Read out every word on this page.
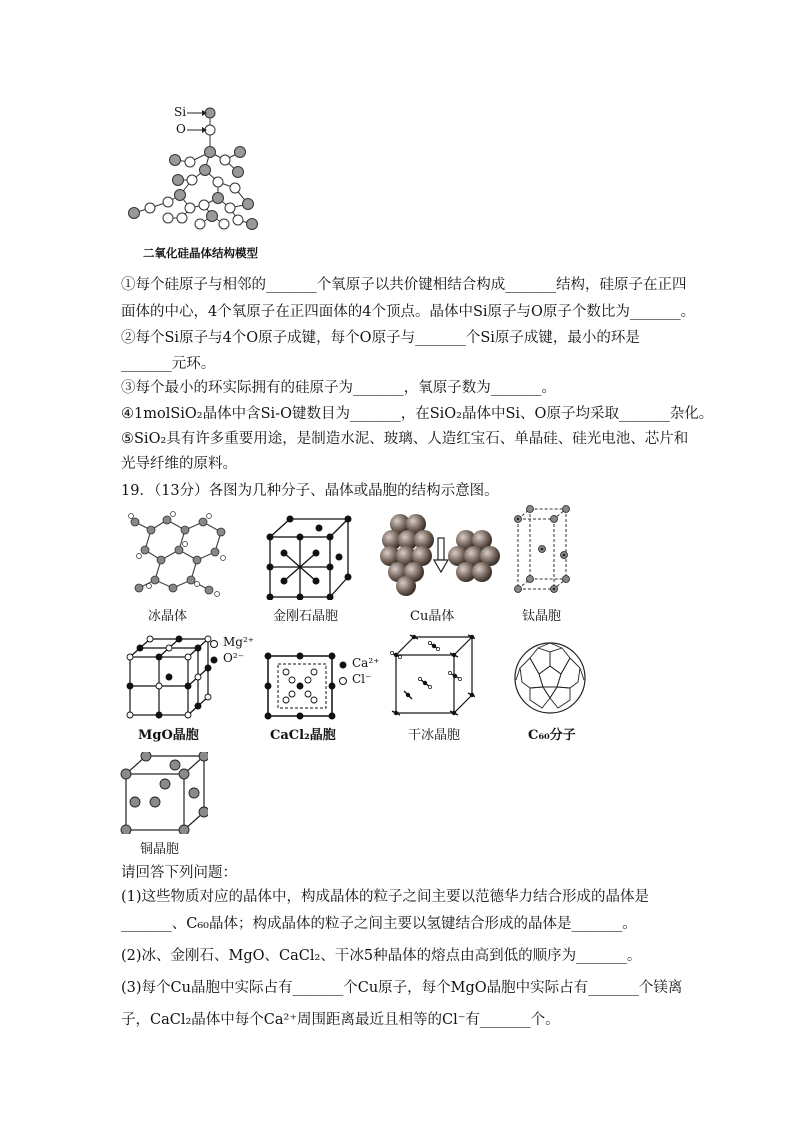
Si
O
二氧化硅晶体结构模型
①每个硅原子与相邻的_______个氧原子以共价键相结合构成_______结构，硅原子在正四
面体的中心，4个氧原子在正四面体的4个顶点。晶体中Si原子与O原子个数比为_______。
②每个Si原子与4个O原子成键，每个O原子与_______个Si原子成键，最小的环是
_______元环。
③每个最小的环实际拥有的硅原子为_______，氧原子数为_______。
④1molSiO₂晶体中含Si-O键数目为_______，在SiO₂晶体中Si、O原子均采取_______杂化。
⑤SiO₂具有许多重要用途，是制造水泥、玻璃、人造红宝石、单晶硅、硅光电池、芯片和
光导纤维的原料。
19．（13分）各图为几种分子、晶体或晶胞的结构示意图。
冰晶体	金刚石晶胞	Cu晶体	钛晶胞
Mg²⁺
O²⁻
MgO晶胞
Ca²⁺
Cl⁻
CaCl₂晶胞	干冰晶胞	C₆₀分子
铜晶胞
请回答下列问题：
(1)这些物质对应的晶体中，构成晶体的粒子之间主要以范德华力结合形成的晶体是
_______、C₆₀晶体；构成晶体的粒子之间主要以氢键结合形成的晶体是_______。
(2)冰、金刚石、MgO、CaCl₂、干冰5种晶体的熔点由高到低的顺序为_______。
(3)每个Cu晶胞中实际占有_______个Cu原子，每个MgO晶胞中实际占有_______个镁离
子，CaCl₂晶体中每个Ca²⁺周围距离最近且相等的Cl⁻有_______个。
